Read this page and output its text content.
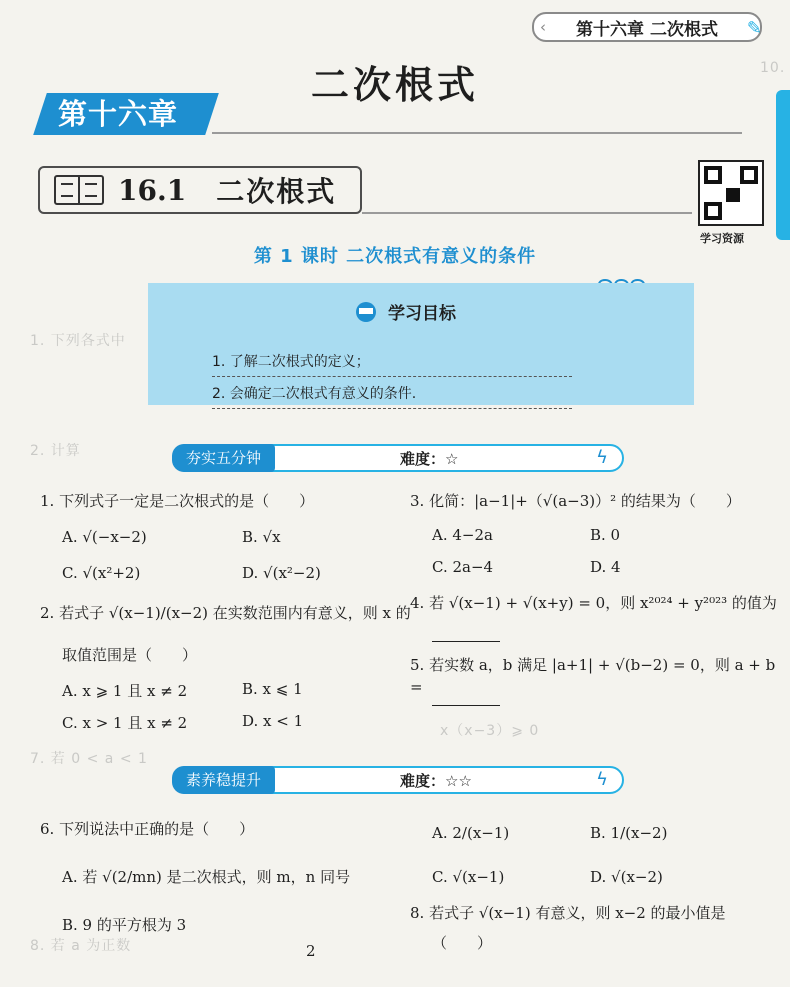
10.
1. 下列各式中
2. 计算
7. 若 0 < a < 1
8. 若 a 为正数
x（x−3）⩾ 0
‹ 第十六章 二次根式 ✎
二次根式
第十六章
16.1 二次根式
学习资源
第 1 课时 二次根式有意义的条件
学习目标
1. 了解二次根式的定义；
2. 会确定二次根式有意义的条件.
夯实五分钟	难度：☆	ϟ
1. 下列式子一定是二次根式的是（　　）
A. √(−x−2)	B. √x
C. √(x²+2)	D. √(x²−2)
2. 若式子 √(x−1)/(x−2) 在实数范围内有意义，则 x 的
取值范围是（　　）
A. x ⩾ 1 且 x ≠ 2	B. x ⩽ 1
C. x > 1 且 x ≠ 2	D. x < 1
3. 化简：|a−1|+（√(a−3)）² 的结果为（　　）
A. 4−2a	B. 0
C. 2a−4	D. 4
4. 若 √(x−1) + √(x+y) = 0，则 x²⁰²⁴ + y²⁰²³ 的值为
5. 若实数 a，b 满足 |a+1| + √(b−2) = 0，则 a + b =
素养稳提升	难度：☆☆	ϟ
6. 下列说法中正确的是（　　）
A. 若 √(2/mn) 是二次根式，则 m，n 同号
B. 9 的平方根为 3
A. 2/(x−1)	B. 1/(x−2)
C. √(x−1)	D. √(x−2)
8. 若式子 √(x−1) 有意义，则 x−2 的最小值是
（　　）
2
